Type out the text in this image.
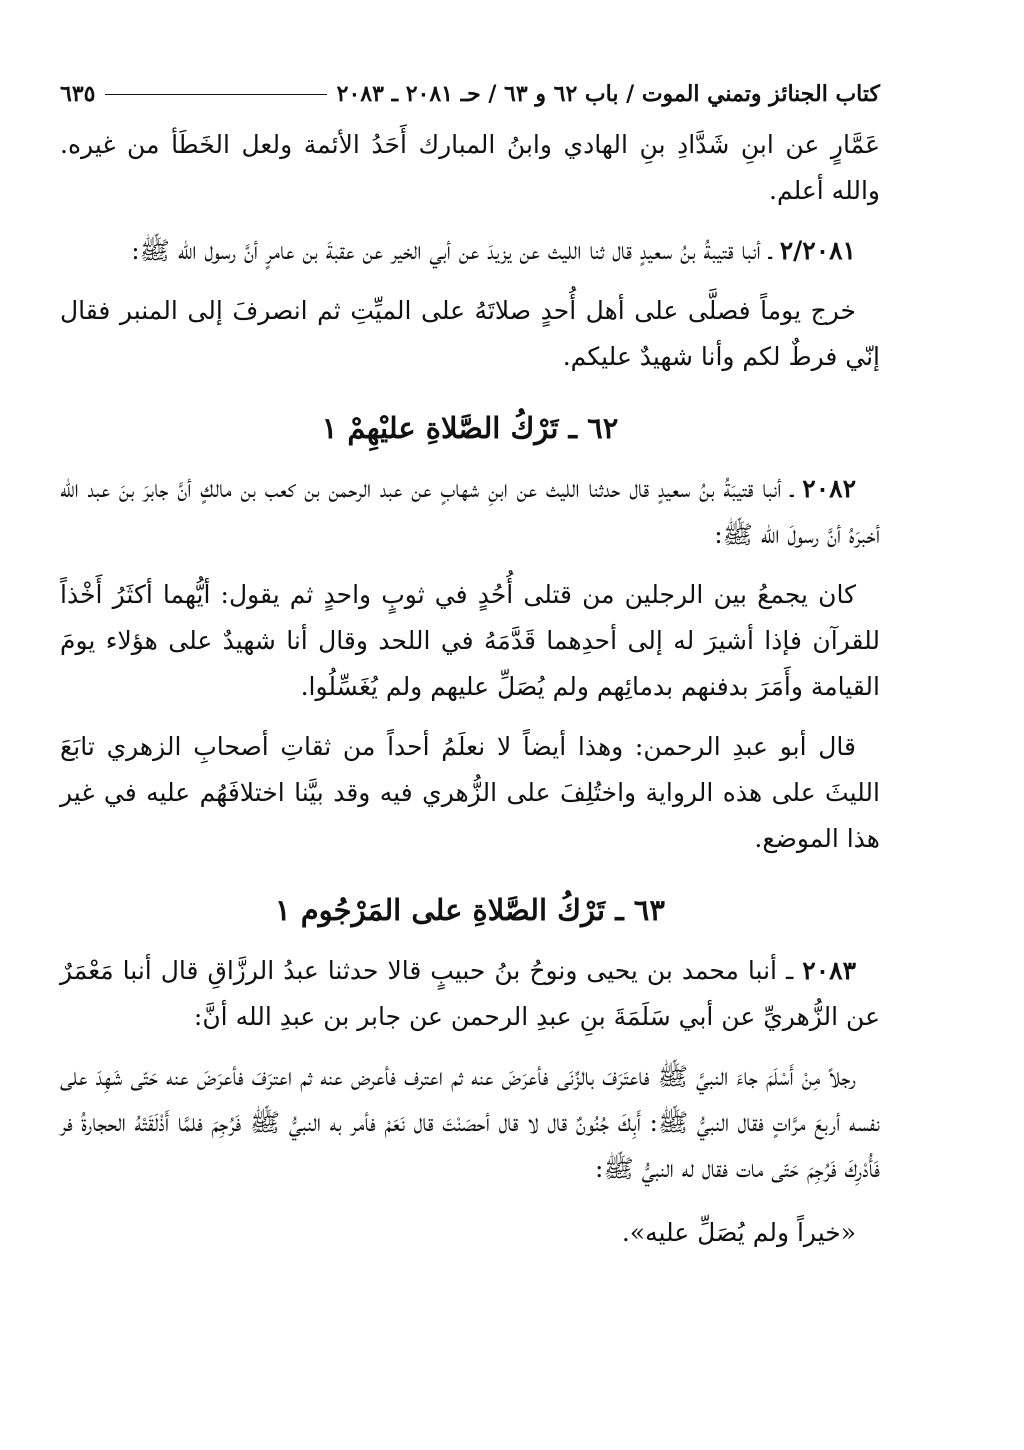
كتاب الجنائز وتمني الموت / باب ٦٢ و ٦٣ / حـ ٢٠٨١ ـ ٢٠٨٣
٦٣٥

عَمَّارٍ عن ابنِ شَدَّادِ بنِ الهادي وابنُ المبارك أَحَدُ الأئمة ولعل الخَطَأ من غيره. والله أعلم.

٢/٢٠٨١ ـ أنبا قتيبةُ بنُ سعيدٍ قال ثنا الليث عن يزيدَ عن أبي الخير عن عقبةَ بن عامرٍ أنَّ رسول الله ﷺ:

خرج يوماً فصلَّى على أهل أُحدٍ صلاتَهُ على الميِّتِ ثم انصرفَ إلى المنبر فقال إنّي فرطٌ لكم وأنا شهيدٌ عليكم.

٦٢ ـ تَرْكُ الصَّلاةِ عليْهِمْ ١

٢٠٨٢ ـ أنبا قتيبَةُ بنُ سعيدٍ قال حدثنا الليث عن ابنِ شهابٍ عن عبد الرحمن بن كعب بن مالكٍ أنَّ جابرَ بنَ عبد الله أخبرَهُ أنَّ رسولَ الله ﷺ:

كان يجمعُ بين الرجلين من قتلى أُحُدٍ في ثوبٍ واحدٍ ثم يقول: أيُّهما أكثَرُ أَخْذاً للقرآن فإذا أشيرَ له إلى أحدِهما قَدَّمَهُ في اللحد وقال أنا شهيدٌ على هؤلاء يومَ القيامة وأَمَرَ بدفنهم بدمائِهم ولم يُصَلِّ عليهم ولم يُغَسِّلُوا.

قال أبو عبدِ الرحمن: وهذا أيضاً لا نعلَمُ أحداً من ثقاتِ أصحابِ الزهري تابَعَ الليثَ على هذه الرواية واختُلِفَ على الزُّهري فيه وقد بيَّنا اختلافَهُم عليه في غير هذا الموضع.

٦٣ ـ تَرْكُ الصَّلاةِ على المَرْجُوم ١

٢٠٨٣ ـ أنبا محمد بن يحيى ونوحُ بنُ حبيبٍ قالا حدثنا عبدُ الرزَّاقِ قال أنبا مَعْمَرٌ عن الزُّهريِّ عن أبي سَلَمَةَ بنِ عبدِ الرحمن عن جابر بن عبدِ الله أنَّ:

رجلاً مِنْ أَسْلَمَ جاءَ النبيَّ ﷺ فاعتَرَفَ بالزِّنَى فأعرَضَ عنه ثم اعترف فأعرض عنه ثم اعترَفَ فأعرَضَ عنه حَتّى شَهِدَ على نفسه أربعَ مرَّاتٍ فقال النبيُّ ﷺ: أَبِكَ جُنُونٌ قال لا قال أحصَنْتَ قال نَعَمْ فأمر به النبيُّ ﷺ فَرُجِمَ فلمَّا أَذْلَقَتْهُ الحجارةُ فر فَأُدْرِكَ فَرُجِمَ حَتّى مات فقال له النبيُّ ﷺ:

«خيراً ولم يُصَلِّ عليه».
